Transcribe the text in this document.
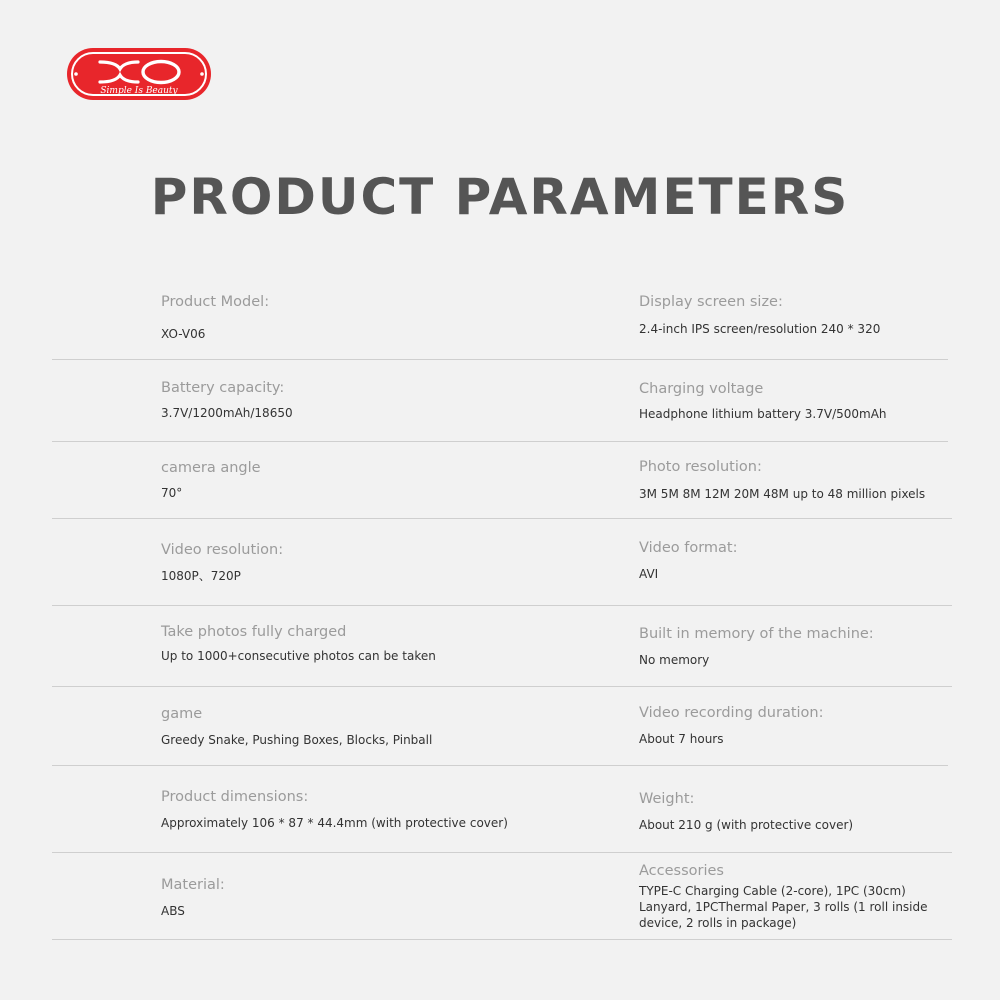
Simple Is Beauty
PRODUCT PARAMETERS
Product Model:
XO-V06
Display screen size:
2.4-inch IPS screen/resolution 240 * 320
Battery capacity:
3.7V/1200mAh/18650
Charging voltage
Headphone lithium battery 3.7V/500mAh
camera angle
70°
Photo resolution:
3M 5M 8M 12M 20M 48M up to 48 million pixels
Video resolution:
1080P、720P
Video format:
AVI
Take photos fully charged
Up to 1000+consecutive photos can be taken
Built in memory of the machine:
No memory
game
Greedy Snake, Pushing Boxes, Blocks, Pinball
Video recording duration:
About 7 hours
Product dimensions:
Approximately 106 * 87 * 44.4mm (with protective cover)
Weight:
About 210 g (with protective cover)
Material:
ABS
Accessories
TYPE-C Charging Cable (2-core), 1PC (30cm)
Lanyard, 1PCThermal Paper, 3 rolls (1 roll inside
device, 2 rolls in package)
